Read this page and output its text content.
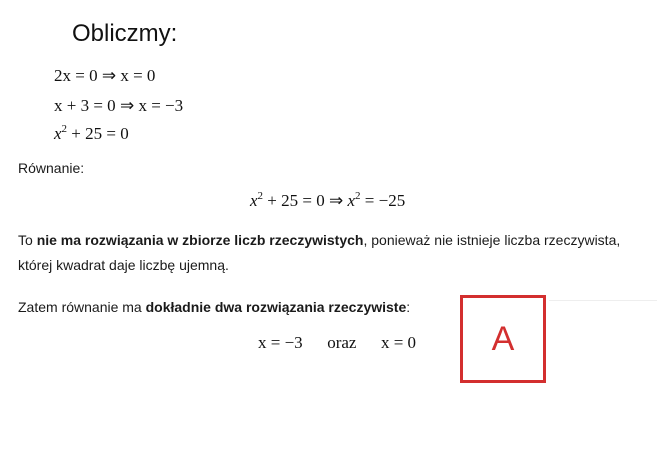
Obliczmy:
2x = 0 ⇒ x = 0
x + 3 = 0 ⇒ x = −3
$x^2 + 25 = 0$
Równanie:
$x^2 + 25 = 0$ ⇒ $x^2 = -25$
To nie ma rozwiązania w zbiorze liczb rzeczywistych, ponieważ nie istnieje liczba rzeczywista, której kwadrat daje liczbę ujemną.
Zatem równanie ma dokładnie dwa rozwiązania rzeczywiste:
x = −3 oraz x = 0	A
